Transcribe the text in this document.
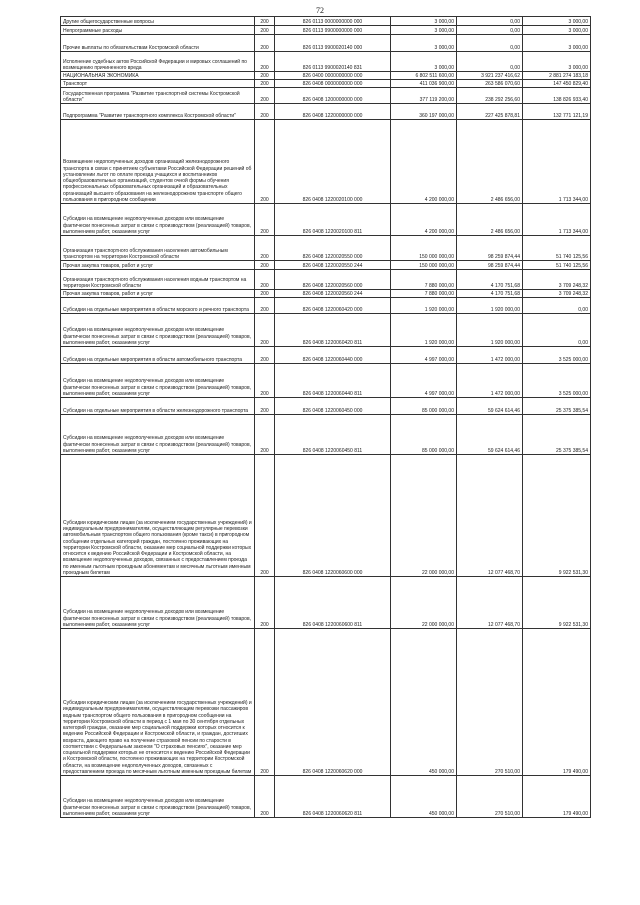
72
Другие общегосударственные вопросы	200	826 0113 0000000000 000	3 000,00	0,00	3 000,00
Непрограммные расходы	200	826 0113 9900000000 000	3 000,00	0,00	3 000,00
Прочие выплаты по обязательствам Костромской области	200	826 0113 9900020140 000	3 000,00	0,00	3 000,00
Исполнение судебных актов Российской Федерации и мировых соглашений по возмещению причиненного вреда	200	826 0113 9900020140 831	3 000,00	0,00	3 000,00
НАЦИОНАЛЬНАЯ ЭКОНОМИКА	200	826 0400 0000000000 000	6 802 511 600,00	3 921 237 416,62	2 881 274 183,18
Транспорт	200	826 0408 0000000000 000	411 036 900,00	263 586 070,60	147 450 829,40
Государственная программа "Развитие транспортной системы Костромской области"	200	826 0408 1200000000 000	377 119 200,00	238 292 256,60	138 826 933,40
Подпрограмма "Развитие транспортного комплекса Костромской области"	200	826 0408 1220000000 000	360 197 000,00	227 425 878,81	132 771 121,19
Возмещение недополученных доходов организаций железнодорожного транспорта в связи с принятием субъектами Российской Федерации решений об установлении льгот по оплате проезда учащихся и воспитанников общеобразовательных организаций, студентов очной формы обучения профессиональных образовательных организаций и образовательных организаций высшего образования на железнодорожном транспорте общего пользования в пригородном сообщении	200	826 0408 1220020100 000	4 200 000,00	2 486 656,00	1 713 344,00
Субсидии на возмещение недополученных доходов или возмещение фактически понесенных затрат в связи с производством (реализацией) товаров, выполнением работ, оказанием услуг	200	826 0408 1220020100 811	4 200 000,00	2 486 656,00	1 713 344,00
Организация транспортного обслуживания населения автомобильным транспортом на территории Костромской области	200	826 0408 1220020550 000	150 000 000,00	98 259 874,44	51 740 125,56
Прочая закупка товаров, работ и услуг	200	826 0408 1220020550 244	150 000 000,00	98 259 874,44	51 740 125,56
Организация транспортного обслуживания населения водным транспортом на территории Костромской области	200	826 0408 1220020560 000	7 880 000,00	4 170 751,68	3 709 248,32
Прочая закупка товаров, работ и услуг	200	826 0408 1220020560 244	7 880 000,00	4 170 751,68	3 709 248,32
Субсидии на отдельные мероприятия в области морского и речного транспорта	200	826 0408 1220060420 000	1 920 000,00	1 920 000,00	0,00
Субсидии на возмещение недополученных доходов или возмещение фактически понесенных затрат в связи с производством (реализацией) товаров, выполнением работ, оказанием услуг	200	826 0408 1220060420 811	1 920 000,00	1 920 000,00	0,00
Субсидии на отдельные мероприятия в области автомобильного транспорта	200	826 0408 1220060440 000	4 997 000,00	1 472 000,00	3 525 000,00
Субсидии на возмещение недополученных доходов или возмещение фактически понесенных затрат в связи с производством (реализацией) товаров, выполнением работ, оказанием услуг	200	826 0408 1220060440 811	4 997 000,00	1 472 000,00	3 525 000,00
Субсидии на отдельные мероприятия в области железнодорожного транспорта	200	826 0408 1220060450 000	85 000 000,00	59 624 614,46	25 375 385,54
Субсидии на возмещение недополученных доходов или возмещение фактически понесенных затрат в связи с производством (реализацией) товаров, выполнением работ, оказанием услуг	200	826 0408 1220060450 811	85 000 000,00	59 624 614,46	25 375 385,54
Субсидии юридическим лицам (за исключением государственных учреждений) и индивидуальным предпринимателям, осуществляющим регулярные перевозки автомобильным транспортом общего пользования (кроме такси) в пригородном сообщении отдельных категорий граждан, постоянно проживающих на территории Костромской области, оказание мер социальной поддержки которых относится к ведению Российской Федерации и Костромской области, на возмещение недополученных доходов, связанных с предоставлением проезда по именным льготным проездным абонементам и месячным льготным именным проездным билетам	200	826 0408 1220060600 000	22 000 000,00	12 077 468,70	9 922 531,30
Субсидии на возмещение недополученных доходов или возмещение фактически понесенных затрат в связи с производством (реализацией) товаров, выполнением работ, оказанием услуг	200	826 0408 1220060600 811	22 000 000,00	12 077 468,70	9 922 531,30
Субсидии юридическим лицам (за исключением государственных учреждений) и индивидуальным предпринимателям, осуществляющим перевозки пассажиров водным транспортом общего пользования в пригородном сообщении на территории Костромской области в период с 1 мая по 30 сентября отдельных категорий граждан, оказание мер социальной поддержки которых относится к ведению Российской Федерации и Костромской области, и граждан, достигших возраста, дающего право на получение страховой пенсии по старости в соответствии с Федеральным законом "О страховых пенсиях", оказание мер социальной поддержки которых не относится к ведению Российской Федерации и Костромской области, постоянно проживающих на территории Костромской области, на возмещение недополученных доходов, связанных с предоставлением проезда по месячным льготным именным проездным билетам	200	826 0408 1220060620 000	450 000,00	270 510,00	179 490,00
Субсидии на возмещение недополученных доходов или возмещение фактически понесенных затрат в связи с производством (реализацией) товаров, выполнением работ, оказанием услуг	200	826 0408 1220060620 811	450 000,00	270 510,00	179 490,00
